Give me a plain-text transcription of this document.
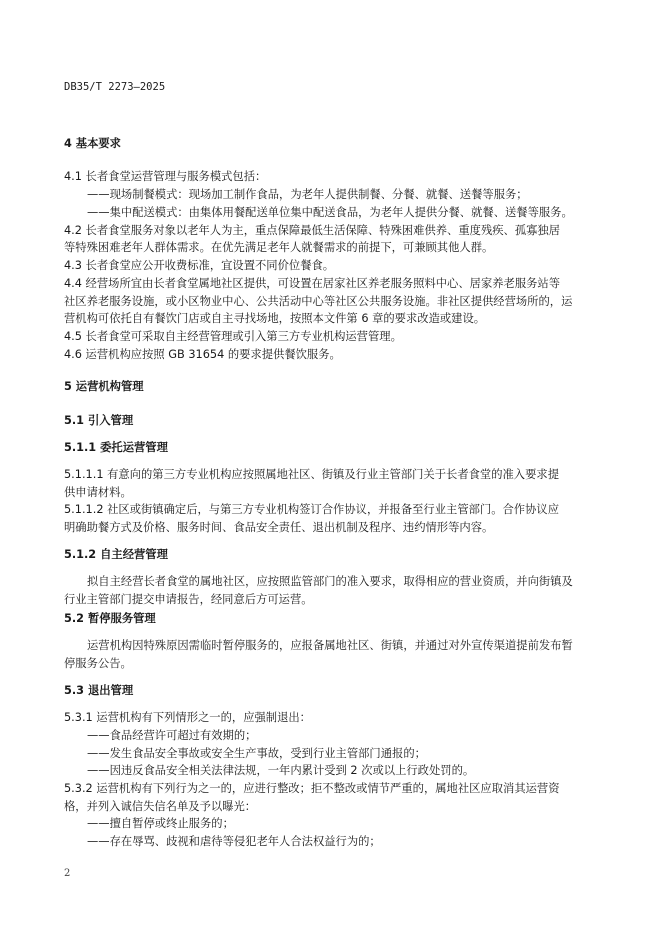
DB35/T 2273—2025
4 基本要求
4.1 长者食堂运营管理与服务模式包括：
——现场制餐模式：现场加工制作食品，为老年人提供制餐、分餐、就餐、送餐等服务；
——集中配送模式：由集体用餐配送单位集中配送食品，为老年人提供分餐、就餐、送餐等服务。
4.2 长者食堂服务对象以老年人为主，重点保障最低生活保障、特殊困难供养、重度残疾、孤寡独居
等特殊困难老年人群体需求。在优先满足老年人就餐需求的前提下，可兼顾其他人群。
4.3 长者食堂应公开收费标准，宜设置不同价位餐食。
4.4 经营场所宜由长者食堂属地社区提供，可设置在居家社区养老服务照料中心、居家养老服务站等
社区养老服务设施，或小区物业中心、公共活动中心等社区公共服务设施。非社区提供经营场所的，运
营机构可依托自有餐饮门店或自主寻找场地，按照本文件第 6 章的要求改造或建设。
4.5 长者食堂可采取自主经营管理或引入第三方专业机构运营管理。
4.6 运营机构应按照 GB 31654 的要求提供餐饮服务。
5 运营机构管理
5.1 引入管理
5.1.1 委托运营管理
5.1.1.1 有意向的第三方专业机构应按照属地社区、街镇及行业主管部门关于长者食堂的准入要求提
供申请材料。
5.1.1.2 社区或街镇确定后，与第三方专业机构签订合作协议，并报备至行业主管部门。合作协议应
明确助餐方式及价格、服务时间、食品安全责任、退出机制及程序、违约情形等内容。
5.1.2 自主经营管理
拟自主经营长者食堂的属地社区，应按照监管部门的准入要求，取得相应的营业资质，并向街镇及
行业主管部门提交申请报告，经同意后方可运营。
5.2 暂停服务管理
运营机构因特殊原因需临时暂停服务的，应报备属地社区、街镇，并通过对外宣传渠道提前发布暂
停服务公告。
5.3 退出管理
5.3.1 运营机构有下列情形之一的，应强制退出：
——食品经营许可超过有效期的；
——发生食品安全事故或安全生产事故，受到行业主管部门通报的；
——因违反食品安全相关法律法规，一年内累计受到 2 次或以上行政处罚的。
5.3.2 运营机构有下列行为之一的，应进行整改；拒不整改或情节严重的，属地社区应取消其运营资
格，并列入诚信失信名单及予以曝光：
——擅自暂停或终止服务的；
——存在辱骂、歧视和虐待等侵犯老年人合法权益行为的；
2
